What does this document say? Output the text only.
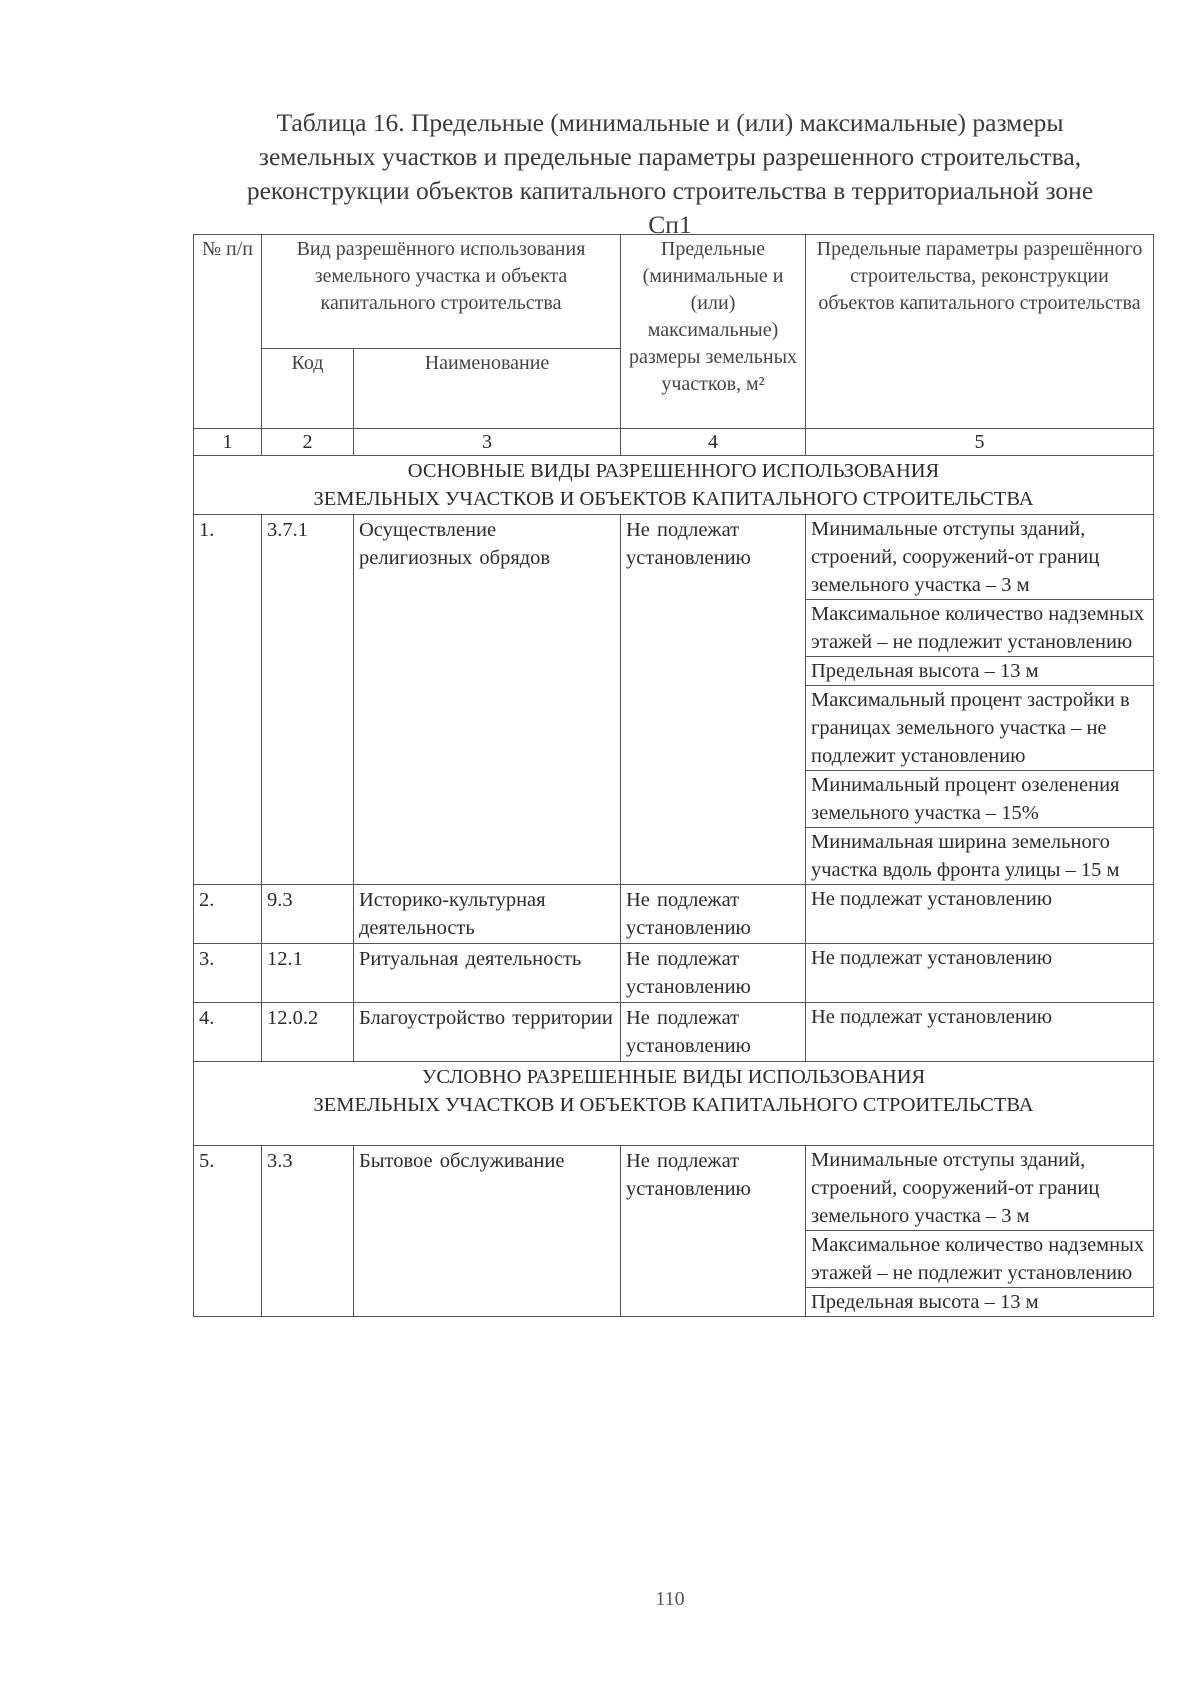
Таблица 16. Предельные (минимальные и (или) максимальные) размеры
земельных участков и предельные параметры разрешенного строительства,
реконструкции объектов капитального строительства в территориальной зоне
Сп1
№ п/п	Вид разрешённого использования земельного участка и объекта капитального строительства		Предельные (минимальные и (или) максимальные) размеры земельных участков, м²	Предельные параметры разрешённого строительства, реконструкции объектов капитального строительства
	Код	Наименование		
1	2	3	4	5

ОСНОВНЫЕ ВИДЫ РАЗРЕШЕННОГО ИСПОЛЬЗОВАНИЯ
ЗЕМЕЛЬНЫХ УЧАСТКОВ И ОБЪЕКТОВ КАПИТАЛЬНОГО СТРОИТЕЛЬСТВА				

1.	3.7.1	Осуществление религиозных обрядов	Не подлежат установлению	Минимальные отступы зданий, строений, сооружений-от границ земельного участка – 3 м
				Максимальное количество надземных этажей – не подлежит установлению
				Предельная высота – 13 м
				Максимальный процент застройки в границах земельного участка – не подлежит установлению
				Минимальный процент озеленения земельного участка – 15%
				Минимальная ширина земельного участка вдоль фронта улицы – 15 м
2.	9.3	Историко-культурная деятельность	Не подлежат установлению	Не подлежат установлению
3.	12.1	Ритуальная деятельность	Не подлежат установлению	Не подлежат установлению
4.	12.0.2	Благоустройство территории	Не подлежат установлению	Не подлежат установлению

УСЛОВНО РАЗРЕШЕННЫЕ ВИДЫ ИСПОЛЬЗОВАНИЯ
ЗЕМЕЛЬНЫХ УЧАСТКОВ И ОБЪЕКТОВ КАПИТАЛЬНОГО СТРОИТЕЛЬСТВА				

5.	3.3	Бытовое обслуживание	Не подлежат установлению	Минимальные отступы зданий, строений, сооружений-от границ земельного участка – 3 м
				Максимальное количество надземных этажей – не подлежит установлению
				Предельная высота – 13 м
110
